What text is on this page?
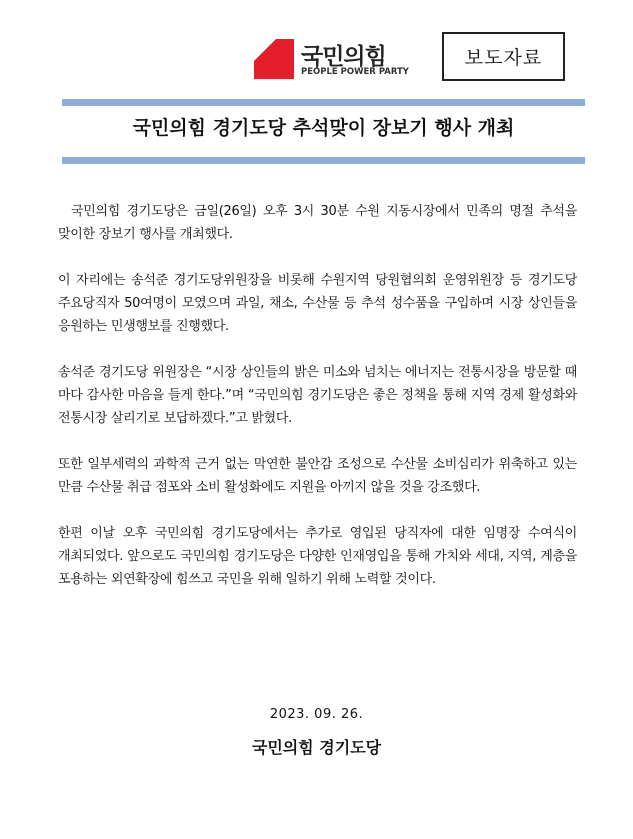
국민의힘
PEOPLE POWER PARTY
보도자료
국민의힘 경기도당 추석맞이 장보기 행사 개최

국민의힘 경기도당은 금일(26일) 오후 3시 30분 수원 지동시장에서 민족의 명절 추석을 맞이한 장보기 행사를 개최했다.

이 자리에는 송석준 경기도당위원장을 비롯해 수원지역 당원협의회 운영위원장 등 경기도당 주요당직자 50여명이 모였으며 과일, 채소, 수산물 등 추석 성수품을 구입하며 시장 상인들을 응원하는 민생행보를 진행했다.

송석준 경기도당 위원장은 “시장 상인들의 밝은 미소와 넘치는 에너지는 전통시장을 방문할 때 마다 감사한 마음을 들게 한다.”며 “국민의힘 경기도당은 좋은 정책을 통해 지역 경제 활성화와 전통시장 살리기로 보답하겠다.”고 밝혔다.

또한 일부세력의 과학적 근거 없는 막연한 불안감 조성으로 수산물 소비심리가 위축하고 있는 만큼 수산물 취급 점포와 소비 활성화에도 지원을 아끼지 않을 것을 강조했다.

한편 이날 오후 국민의힘 경기도당에서는 추가로 영입된 당직자에 대한 임명장 수여식이 개최되었다. 앞으로도 국민의힘 경기도당은 다양한 인재영입을 통해 가치와 세대, 지역, 계층을 포용하는 외연확장에 힘쓰고 국민을 위해 일하기 위해 노력할 것이다.

2023. 09. 26.
국민의힘 경기도당
